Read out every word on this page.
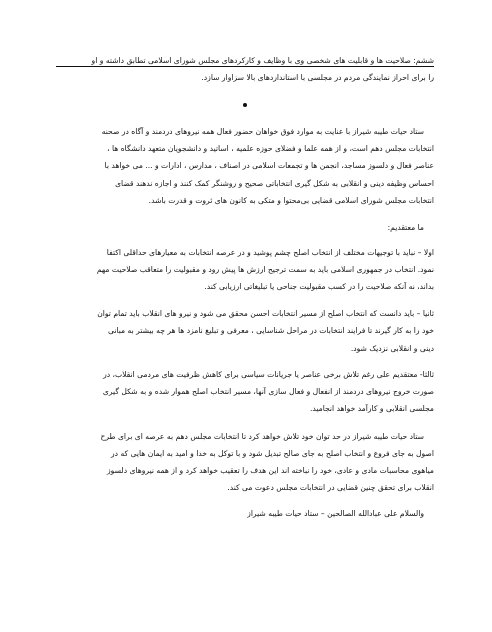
ششم: صلاحیت ها و قابلیت های شخصی وی با وظایف و کارکردهای مجلس شورای اسلامی تطابق داشته و او
را برای احراز نمایندگی مردم در مجلسی با استانداردهای بالا سزاوار سازد.
ستاد حیات طیبه شیراز با عنایت به موارد فوق خواهان حضور فعال همه نیروهای دردمند و آگاه در صحنه
انتخابات مجلس دهم است، و از همه علما و فضلای حوزه علمیه ، اساتید و دانشجویان متعهد دانشگاه ها ،
عناصر فعال و دلسوز مساجد، انجمن ها و تجمعات اسلامی در اصناف ، مدارس ، ادارات و ... می خواهد با
احساس وظیفه دینی و انقلابی به شکل گیری انتخاباتی صحیح و روشنگر کمک کنند و اجازه ندهند قضای
انتخابات مجلس شورای اسلامی قضایی بی‌محتوا و متکی به کانون های ثروت و قدرت باشد.
ما معتقدیم:
اولا – نباید با توجیهات مختلف از انتخاب اصلح چشم پوشید و در عرصه انتخابات به معیارهای حداقلی اکتفا
نمود. انتخاب در جمهوری اسلامی باید به سمت ترجیح ارزش ها پیش رود و مقبولیت را متعاقب صلاحیت مهم
بداند، نه آنکه صلاحیت را در کسب مقبولیت جناحی یا تبلیغاتی ارزیابی کند.
ثانیا – باید دانست که انتخاب اصلح از مسیر انتخابات احسن محقق می شود و نیرو های انقلاب باید تمام توان
خود را به کار گیرند تا فرایند انتخابات در مراحل شناسایی ، معرفی و تبلیغ نامزد ها هر چه بیشتر به مبانی
دینی و انقلابی نزدیک شود.
ثالثا- معتقدیم علی رغم تلاش برخی عناصر یا جریانات سیاسی برای کاهش ظرفیت های مردمی انقلاب، در
صورت خروج نیروهای دردمند از انفعال و فعال سازی آنها، مسیر انتخاب اصلح هموار شده و به شکل گیری
مجلسی انقلابی و کارآمد خواهد انجامید.
ستاد حیات طیبه شیراز در حد توان خود تلاش خواهد کرد تا انتخابات مجلس دهم به عرصه ای برای طرح
اصول به جای فروع و انتخاب اصلح به جای صالح تبدیل شود و با توکل به خدا و امید به ایمان هایی که در
میاهوی محاسبات مادی و عادی، خود را نباخته اند این هدف را تعقیب خواهد کرد و از همه نیروهای دلسوز
انقلاب برای تحقق چنین قضایی در انتخابات مجلس دعوت می کند.
والسلام علی عبادالله الصالحین – ستاد حیات طیبه شیراز
